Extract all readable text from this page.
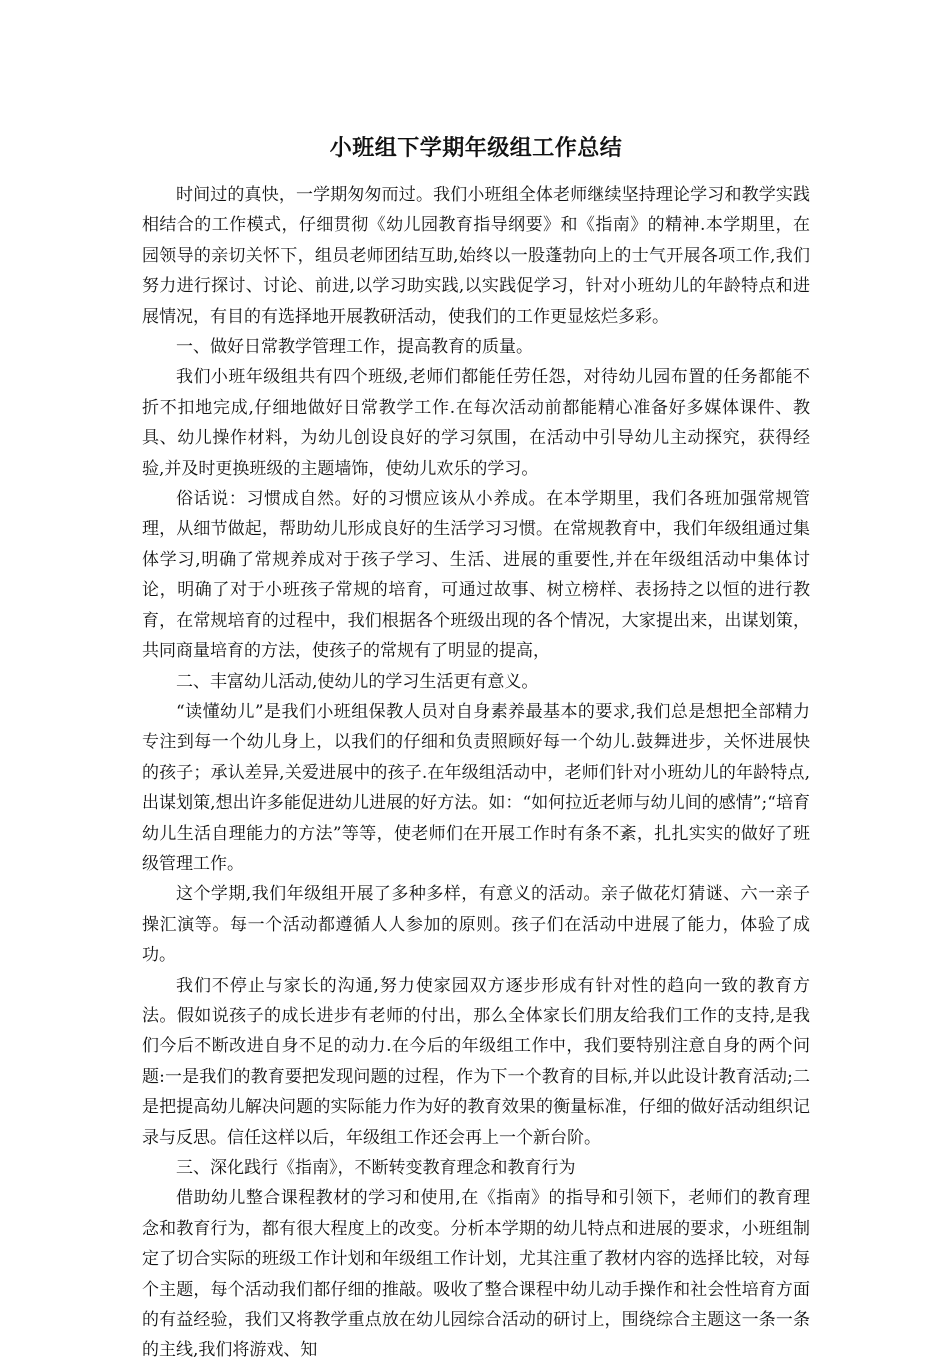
小班组下学期年级组工作总结

时间过的真快，一学期匆匆而过。我们小班组全体老师继续坚持理论学习和教学实践相结合的工作模式，仔细贯彻《幼儿园教育指导纲要》和《指南》的精神.本学期里，在园领导的亲切关怀下，组员老师团结互助,始终以一股蓬勃向上的士气开展各项工作,我们努力进行探讨、讨论、前进,以学习助实践,以实践促学习，针对小班幼儿的年龄特点和进展情况，有目的有选择地开展教研活动，使我们的工作更显炫烂多彩。

一、做好日常教学管理工作，提高教育的质量。

我们小班年级组共有四个班级,老师们都能任劳任怨，对待幼儿园布置的任务都能不折不扣地完成,仔细地做好日常教学工作.在每次活动前都能精心准备好多媒体课件、教具、幼儿操作材料，为幼儿创设良好的学习氛围，在活动中引导幼儿主动探究，获得经验,并及时更换班级的主题墙饰，使幼儿欢乐的学习。

俗话说：习惯成自然。好的习惯应该从小养成。在本学期里，我们各班加强常规管理，从细节做起，帮助幼儿形成良好的生活学习习惯。在常规教育中，我们年级组通过集体学习,明确了常规养成对于孩子学习、生活、进展的重要性,并在年级组活动中集体讨论，明确了对于小班孩子常规的培育，可通过故事、树立榜样、表扬持之以恒的进行教育，在常规培育的过程中，我们根据各个班级出现的各个情况，大家提出来，出谋划策，共同商量培育的方法，使孩子的常规有了明显的提高，

二、丰富幼儿活动,使幼儿的学习生活更有意义。

“读懂幼儿”是我们小班组保教人员对自身素养最基本的要求,我们总是想把全部精力专注到每一个幼儿身上，以我们的仔细和负责照顾好每一个幼儿.鼓舞进步，关怀进展快的孩子；承认差异,关爱进展中的孩子.在年级组活动中，老师们针对小班幼儿的年龄特点,出谋划策,想出许多能促进幼儿进展的好方法。如：“如何拉近老师与幼儿间的感情”;“培育幼儿生活自理能力的方法”等等，使老师们在开展工作时有条不紊，扎扎实实的做好了班级管理工作。

这个学期,我们年级组开展了多种多样，有意义的活动。亲子做花灯猜谜、六一亲子操汇演等。每一个活动都遵循人人参加的原则。孩子们在活动中进展了能力，体验了成功。

我们不停止与家长的沟通,努力使家园双方逐步形成有针对性的趋向一致的教育方法。假如说孩子的成长进步有老师的付出，那么全体家长们朋友给我们工作的支持,是我们今后不断改进自身不足的动力.在今后的年级组工作中，我们要特别注意自身的两个问题:一是我们的教育要把发现问题的过程，作为下一个教育的目标,并以此设计教育活动;二是把提高幼儿解决问题的实际能力作为好的教育效果的衡量标准，仔细的做好活动组织记录与反思。信任这样以后，年级组工作还会再上一个新台阶。

三、深化践行《指南》，不断转变教育理念和教育行为

借助幼儿整合课程教材的学习和使用,在《指南》的指导和引领下，老师们的教育理念和教育行为，都有很大程度上的改变。分析本学期的幼儿特点和进展的要求，小班组制定了切合实际的班级工作计划和年级组工作计划，尤其注重了教材内容的选择比较，对每个主题，每个活动我们都仔细的推敲。吸收了整合课程中幼儿动手操作和社会性培育方面的有益经验，我们又将教学重点放在幼儿园综合活动的研讨上，围绕综合主题这一条一条的主线,我们将游戏、知
